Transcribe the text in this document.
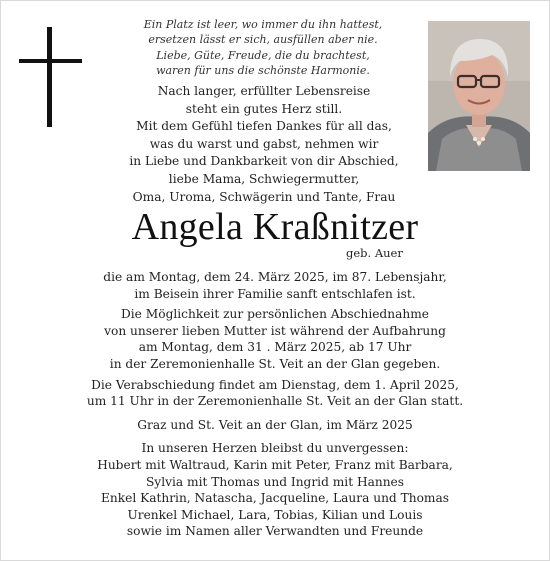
Ein Platz ist leer, wo immer du ihn hattest,
ersetzen lässt er sich, ausfüllen aber nie.
Liebe, Güte, Freude, die du brachtest,
waren für uns die schönste Harmonie.
Nach langer, erfüllter Lebensreise
steht ein gutes Herz still.
Mit dem Gefühl tiefen Dankes für all das,
was du warst und gabst, nehmen wir
in Liebe und Dankbarkeit von dir Abschied,
liebe Mama, Schwiegermutter,
Oma, Uroma, Schwägerin und Tante, Frau
Angela Kraßnitzer
geb. Auer

die am Montag, dem 24. März 2025, im 87. Lebensjahr,
im Beisein ihrer Familie sanft entschlafen ist.

Die Möglichkeit zur persönlichen Abschiednahme
von unserer lieben Mutter ist während der Aufbahrung
am Montag, dem 31 . März 2025, ab 17 Uhr
in der Zeremonienhalle St. Veit an der Glan gegeben.

Die Verabschiedung findet am Dienstag, dem 1. April 2025,
um 11 Uhr in der Zeremonienhalle St. Veit an der Glan statt.

Graz und St. Veit an der Glan, im März 2025

In unseren Herzen bleibst du unvergessen:

Hubert mit Waltraud, Karin mit Peter, Franz mit Barbara,
Sylvia mit Thomas und Ingrid mit Hannes
Enkel Kathrin, Natascha, Jacqueline, Laura und Thomas
Urenkel Michael, Lara, Tobias, Kilian und Louis
sowie im Namen aller Verwandten und Freunde
